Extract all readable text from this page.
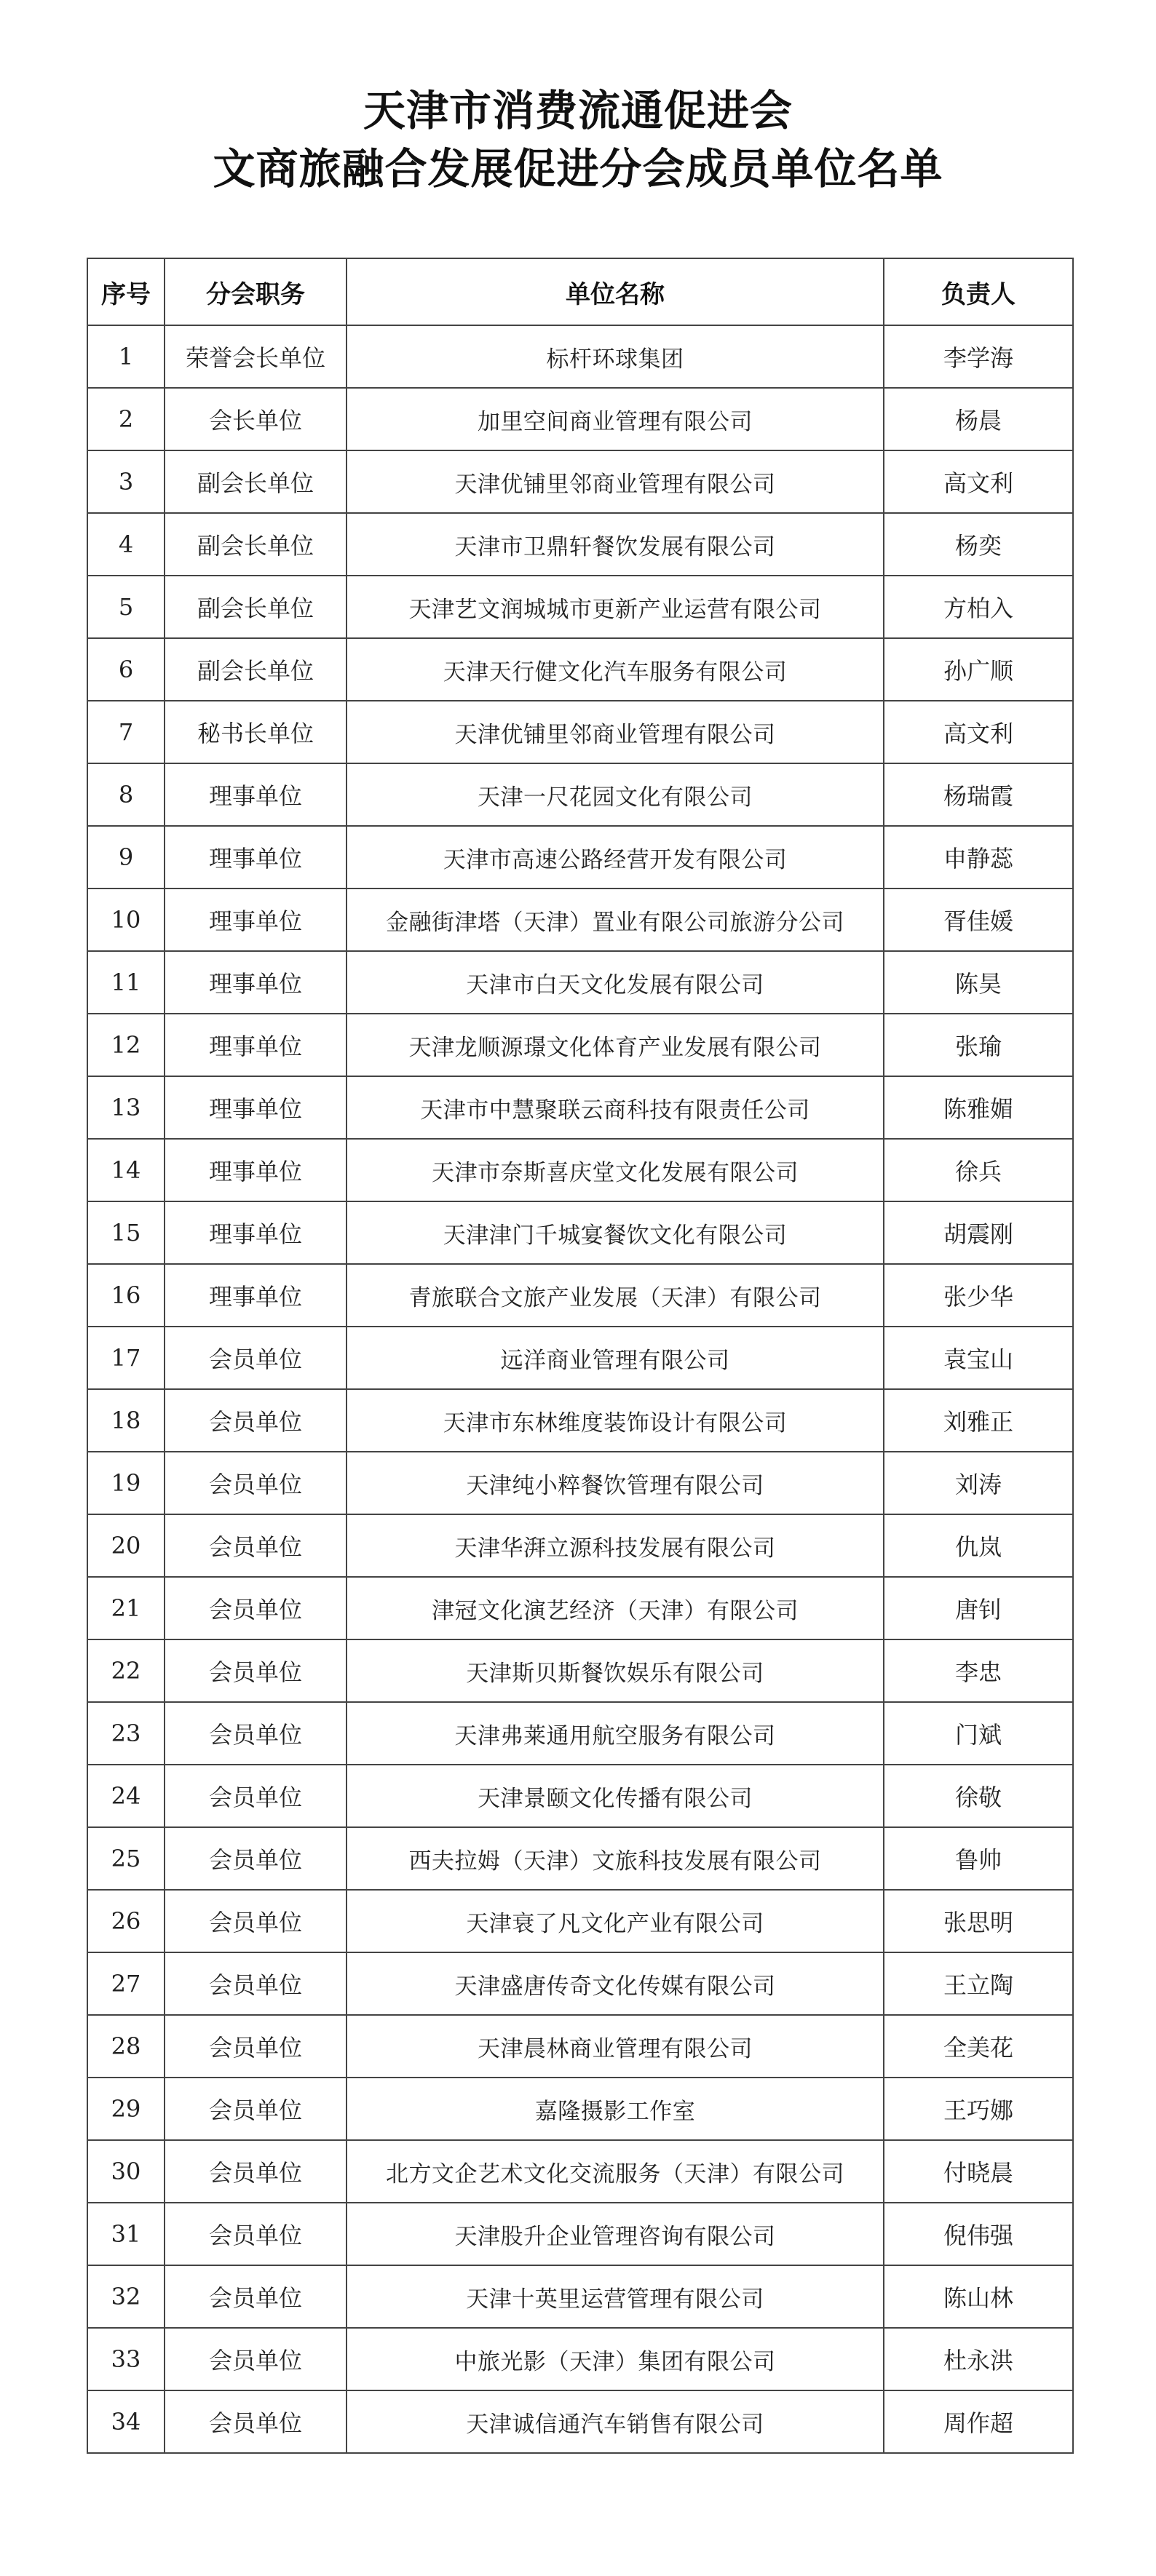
天津市消费流通促进会
文商旅融合发展促进分会成员单位名单
序号	分会职务	单位名称	负责人
1	荣誉会长单位	标杆环球集团	李学海
2	会长单位	加里空间商业管理有限公司	杨晨
3	副会长单位	天津优铺里邻商业管理有限公司	高文利
4	副会长单位	天津市卫鼎轩餐饮发展有限公司	杨奕
5	副会长单位	天津艺文润城城市更新产业运营有限公司	方柏入
6	副会长单位	天津天行健文化汽车服务有限公司	孙广顺
7	秘书长单位	天津优铺里邻商业管理有限公司	高文利
8	理事单位	天津一尺花园文化有限公司	杨瑞霞
9	理事单位	天津市高速公路经营开发有限公司	申静蕊
10	理事单位	金融街津塔（天津）置业有限公司旅游分公司	胥佳媛
11	理事单位	天津市白天文化发展有限公司	陈昊
12	理事单位	天津龙顺源璟文化体育产业发展有限公司	张瑜
13	理事单位	天津市中慧聚联云商科技有限责任公司	陈雅媚
14	理事单位	天津市奈斯喜庆堂文化发展有限公司	徐兵
15	理事单位	天津津门千城宴餐饮文化有限公司	胡震刚
16	理事单位	青旅联合文旅产业发展（天津）有限公司	张少华
17	会员单位	远洋商业管理有限公司	袁宝山
18	会员单位	天津市东林维度装饰设计有限公司	刘雅正
19	会员单位	天津纯小粹餐饮管理有限公司	刘涛
20	会员单位	天津华湃立源科技发展有限公司	仇岚
21	会员单位	津冠文化演艺经济（天津）有限公司	唐钊
22	会员单位	天津斯贝斯餐饮娱乐有限公司	李忠
23	会员单位	天津弗莱通用航空服务有限公司	门斌
24	会员单位	天津景颐文化传播有限公司	徐敬
25	会员单位	西夫拉姆（天津）文旅科技发展有限公司	鲁帅
26	会员单位	天津衰了凡文化产业有限公司	张思明
27	会员单位	天津盛唐传奇文化传媒有限公司	王立陶
28	会员单位	天津晨林商业管理有限公司	全美花
29	会员单位	嘉隆摄影工作室	王巧娜
30	会员单位	北方文企艺术文化交流服务（天津）有限公司	付晓晨
31	会员单位	天津股升企业管理咨询有限公司	倪伟强
32	会员单位	天津十英里运营管理有限公司	陈山林
33	会员单位	中旅光影（天津）集团有限公司	杜永洪
34	会员单位	天津诚信通汽车销售有限公司	周作超
